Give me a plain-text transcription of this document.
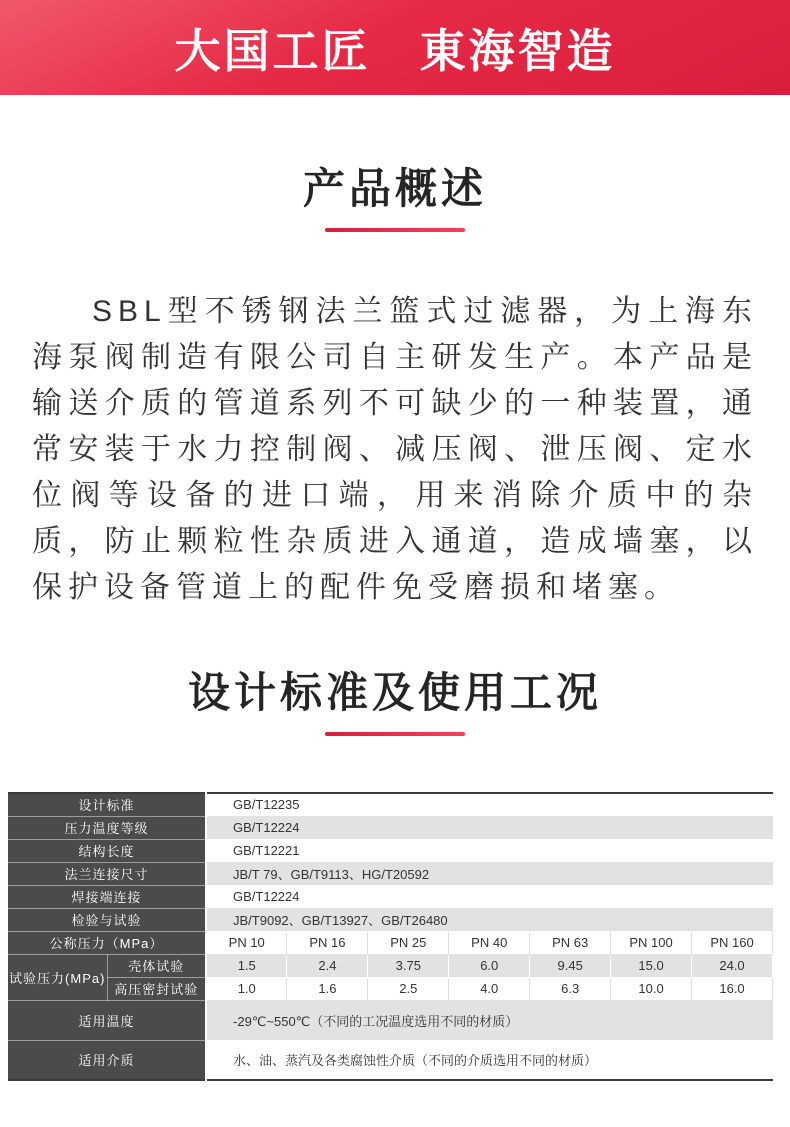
大国工匠　東海智造
产品概述

SBL型不锈钢法兰篮式过滤器，为上海东海泵阀制造有限公司自主研发生产。本产品是输送介质的管道系列不可缺少的一种装置，通常安装于水力控制阀、减压阀、泄压阀、定水位阀等设备的进口端，用来消除介质中的杂质，防止颗粒性杂质进入通道，造成墙塞，以保护设备管道上的配件免受磨损和堵塞。

设计标准及使用工况
设计标准		GB/T12235						
压力温度等级		GB/T12224						
结构长度		GB/T12221						
法兰连接尺寸		JB/T 79、GB/T9113、HG/T20592						
焊接端连接		GB/T12224						
检验与试验		JB/T9092、GB/T13927、GB/T26480						
公称压力（MPa）		PN 10	PN 16	PN 25	PN 40	PN 63	PN 100	PN 160
试验压力(MPa)	壳体试验	1.5	2.4	3.75	6.0	9.45	15.0	24.0
	高压密封试验	1.0	1.6	2.5	4.0	6.3	10.0	16.0
适用温度		-29℃~550℃（不同的工况温度选用不同的材质）						
适用介质		水、油、蒸汽及各类腐蚀性介质（不同的介质选用不同的材质）						
